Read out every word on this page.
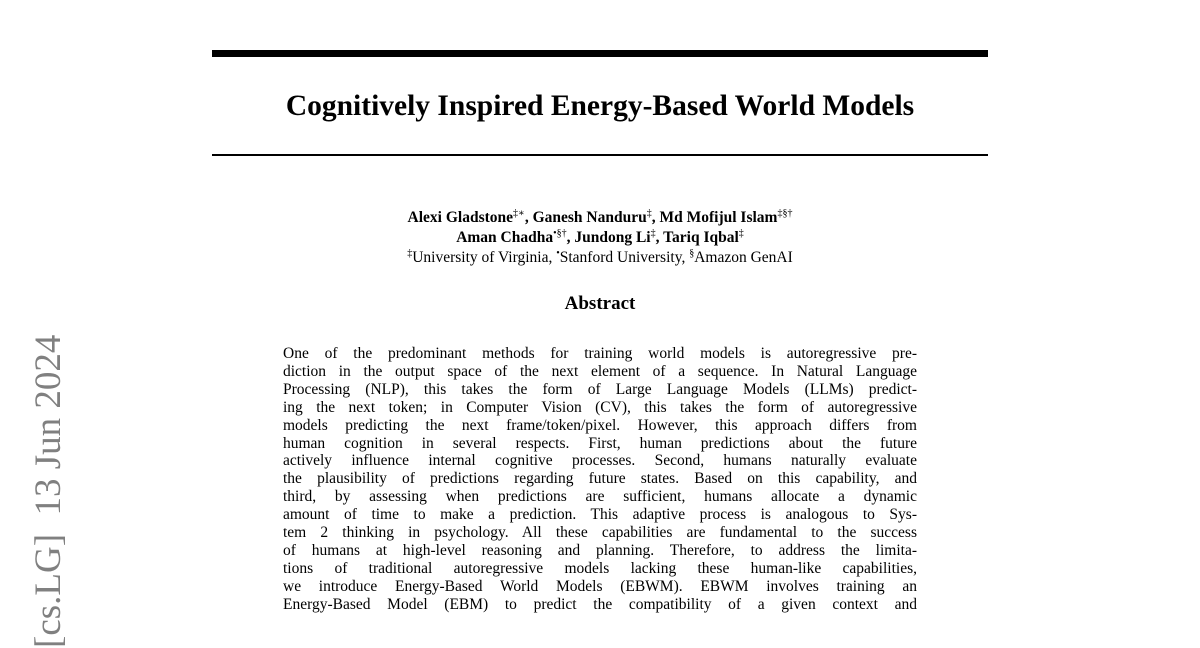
[cs.LG]  13 Jun 2024
Cognitively Inspired Energy-Based World Models
Alexi Gladstone‡∗, Ganesh Nanduru‡, Md Mofijul Islam‡§†
Aman Chadha•§†, Jundong Li‡, Tariq Iqbal‡
‡University of Virginia, •Stanford University, §Amazon GenAI
Abstract
One of the predominant methods for training world models is autoregressive pre-
diction in the output space of the next element of a sequence. In Natural Language
Processing (NLP), this takes the form of Large Language Models (LLMs) predict-
ing the next token; in Computer Vision (CV), this takes the form of autoregressive
models predicting the next frame/token/pixel. However, this approach differs from
human cognition in several respects. First, human predictions about the future
actively influence internal cognitive processes. Second, humans naturally evaluate
the plausibility of predictions regarding future states. Based on this capability, and
third, by assessing when predictions are sufficient, humans allocate a dynamic
amount of time to make a prediction. This adaptive process is analogous to Sys-
tem 2 thinking in psychology. All these capabilities are fundamental to the success
of humans at high-level reasoning and planning. Therefore, to address the limita-
tions of traditional autoregressive models lacking these human-like capabilities,
we introduce Energy-Based World Models (EBWM). EBWM involves training an
Energy-Based Model (EBM) to predict the compatibility of a given context and
